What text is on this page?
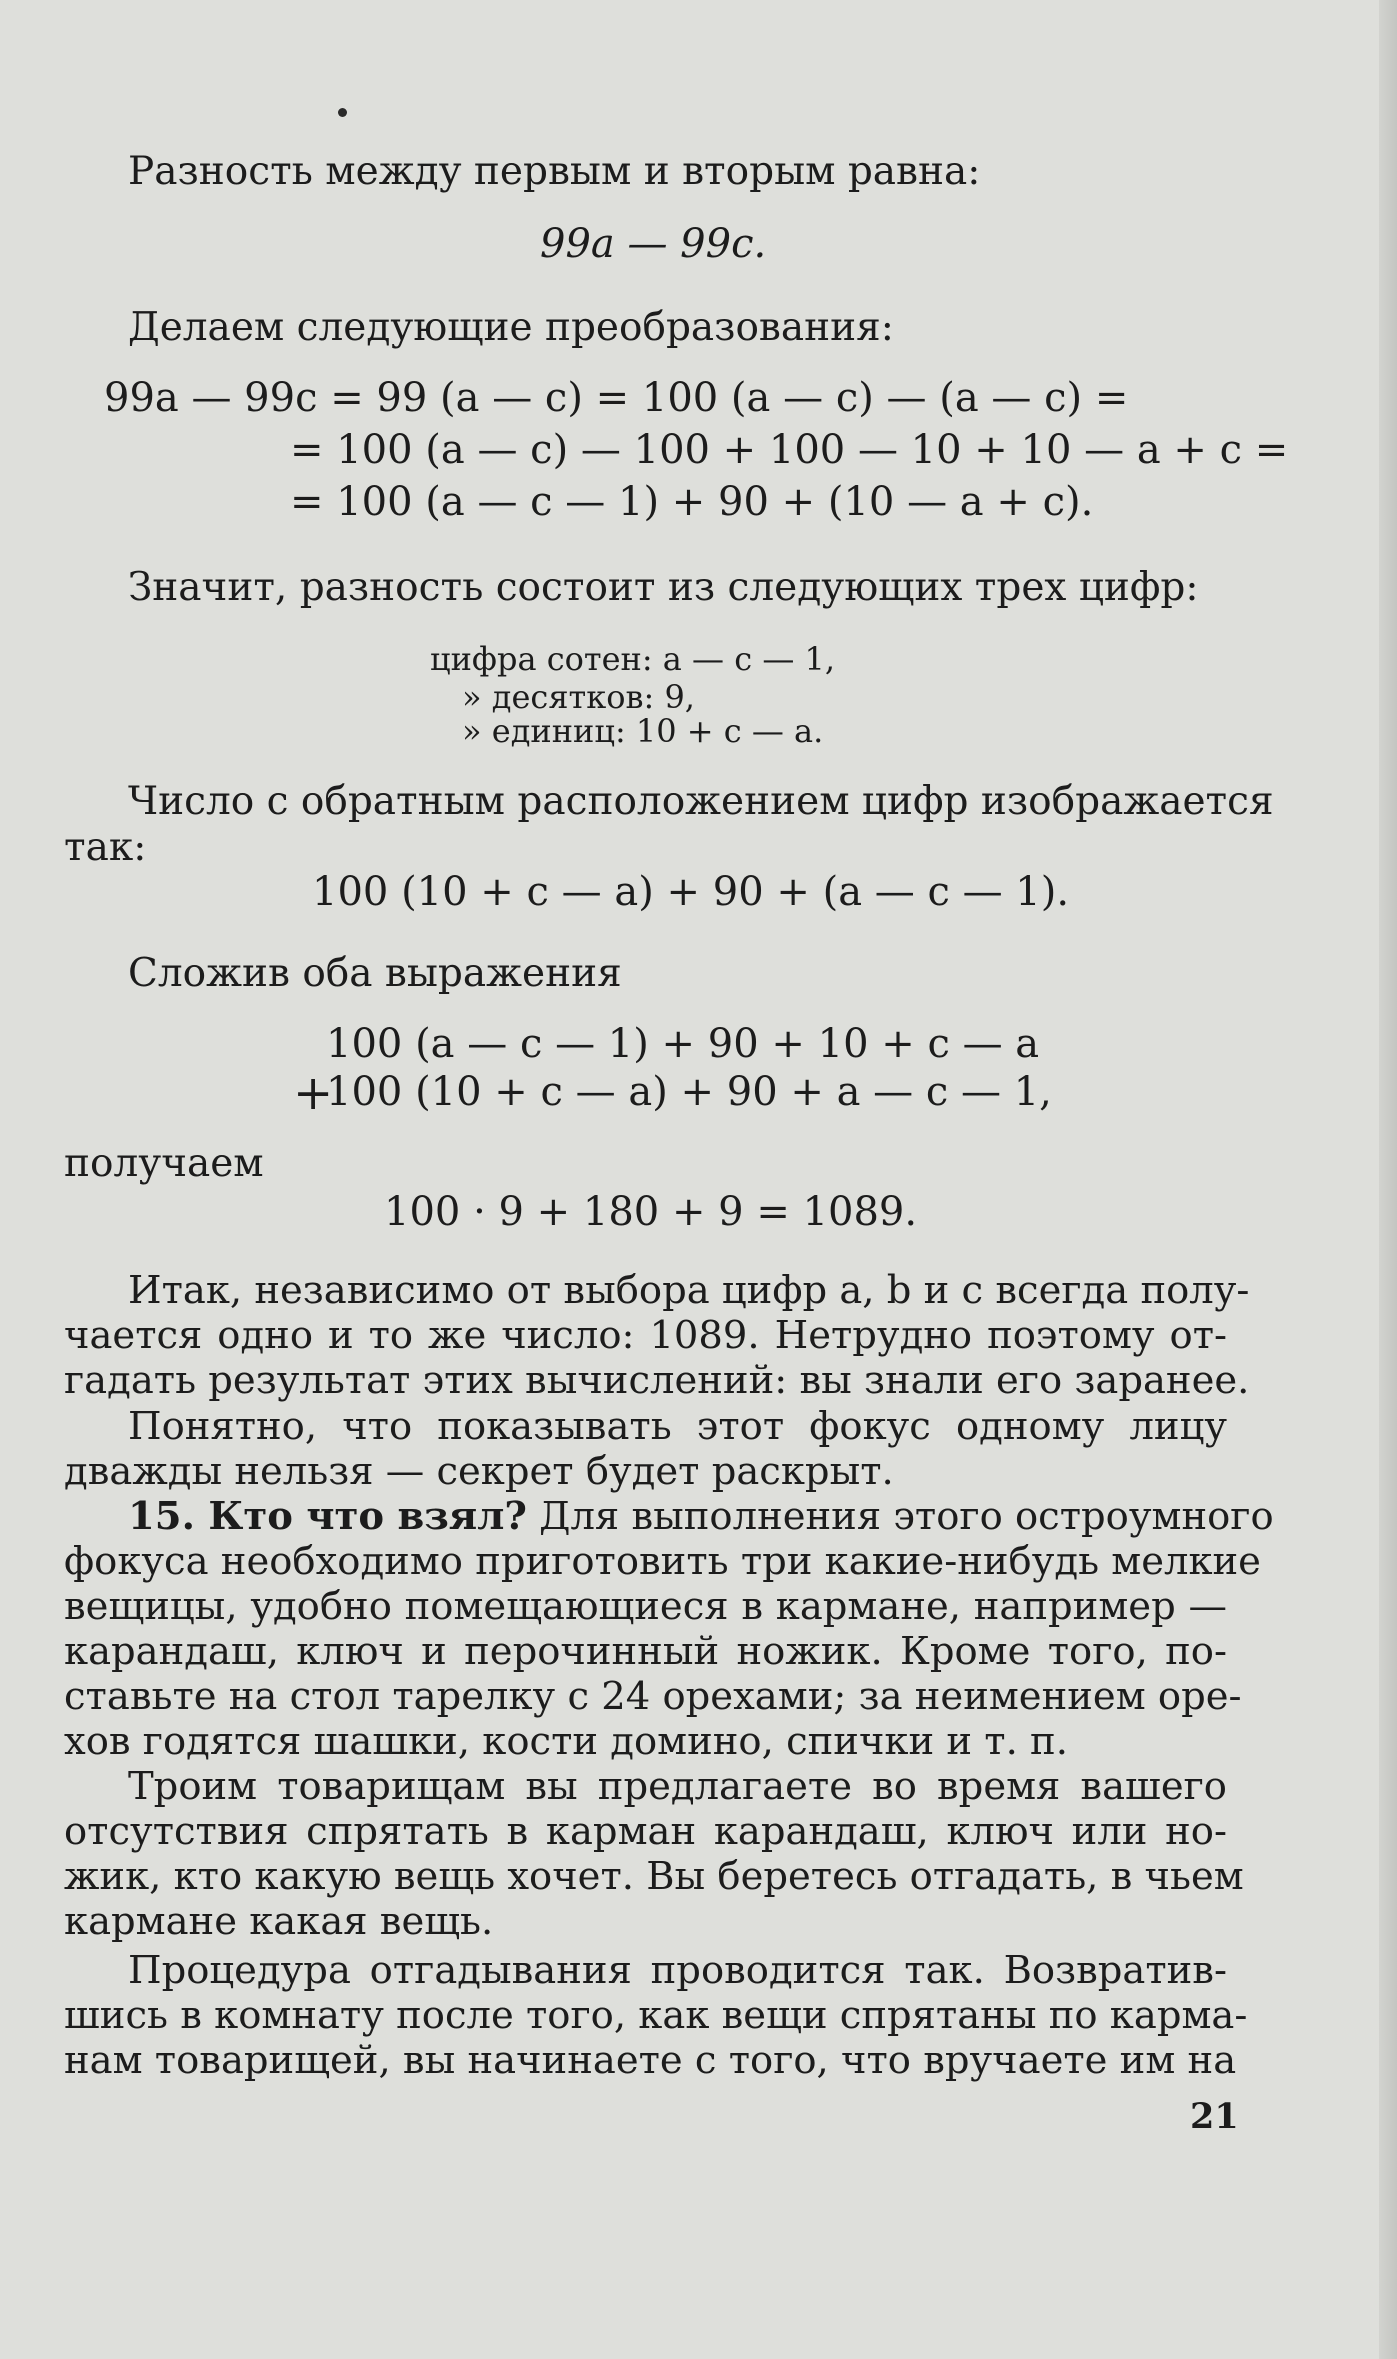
Разность между первым и вторым равна:
99a — 99c.
Делаем следующие преобразования:
99a — 99c = 99 (a — c) = 100 (a — c) — (a — c) =
= 100 (a — c) — 100 + 100 — 10 + 10 — a + c =
= 100 (a — c — 1) + 90 + (10 — a + c).
Значит, разность состоит из следующих трех цифр:
цифра сотен: a — c — 1,
» десятков: 9,
» единиц: 10 + c — a.
Число с обратным расположением цифр изображается
так:
100 (10 + c — a) + 90 + (a — c — 1).
Сложив оба выражения
+
100 (a — c — 1) + 90 + 10 + c — a
100 (10 + c — a) + 90 + a — c — 1,
получаем
100 · 9 + 180 + 9 = 1089.
Итак, независимо от выбора цифр a, b и c всегда полу-
чается одно и то же число: 1089. Нетрудно поэтому от-
гадать результат этих вычислений: вы знали его заранее.
Понятно, что показывать этот фокус одному лицу
дважды нельзя — секрет будет раскрыт.
15. Кто что взял? Для выполнения этого остроумного
фокуса необходимо приготовить три какие-нибудь мелкие
вещицы, удобно помещающиеся в кармане, например —
карандаш, ключ и перочинный ножик. Кроме того, по-
ставьте на стол тарелку с 24 орехами; за неимением оре-
хов годятся шашки, кости домино, спички и т. п.
Троим товарищам вы предлагаете во время вашего
отсутствия спрятать в карман карандаш, ключ или но-
жик, кто какую вещь хочет. Вы беретесь отгадать, в чьем
кармане какая вещь.
Процедура отгадывания проводится так. Возвратив-
шись в комнату после того, как вещи спрятаны по карма-
нам товарищей, вы начинаете с того, что вручаете им на
21
